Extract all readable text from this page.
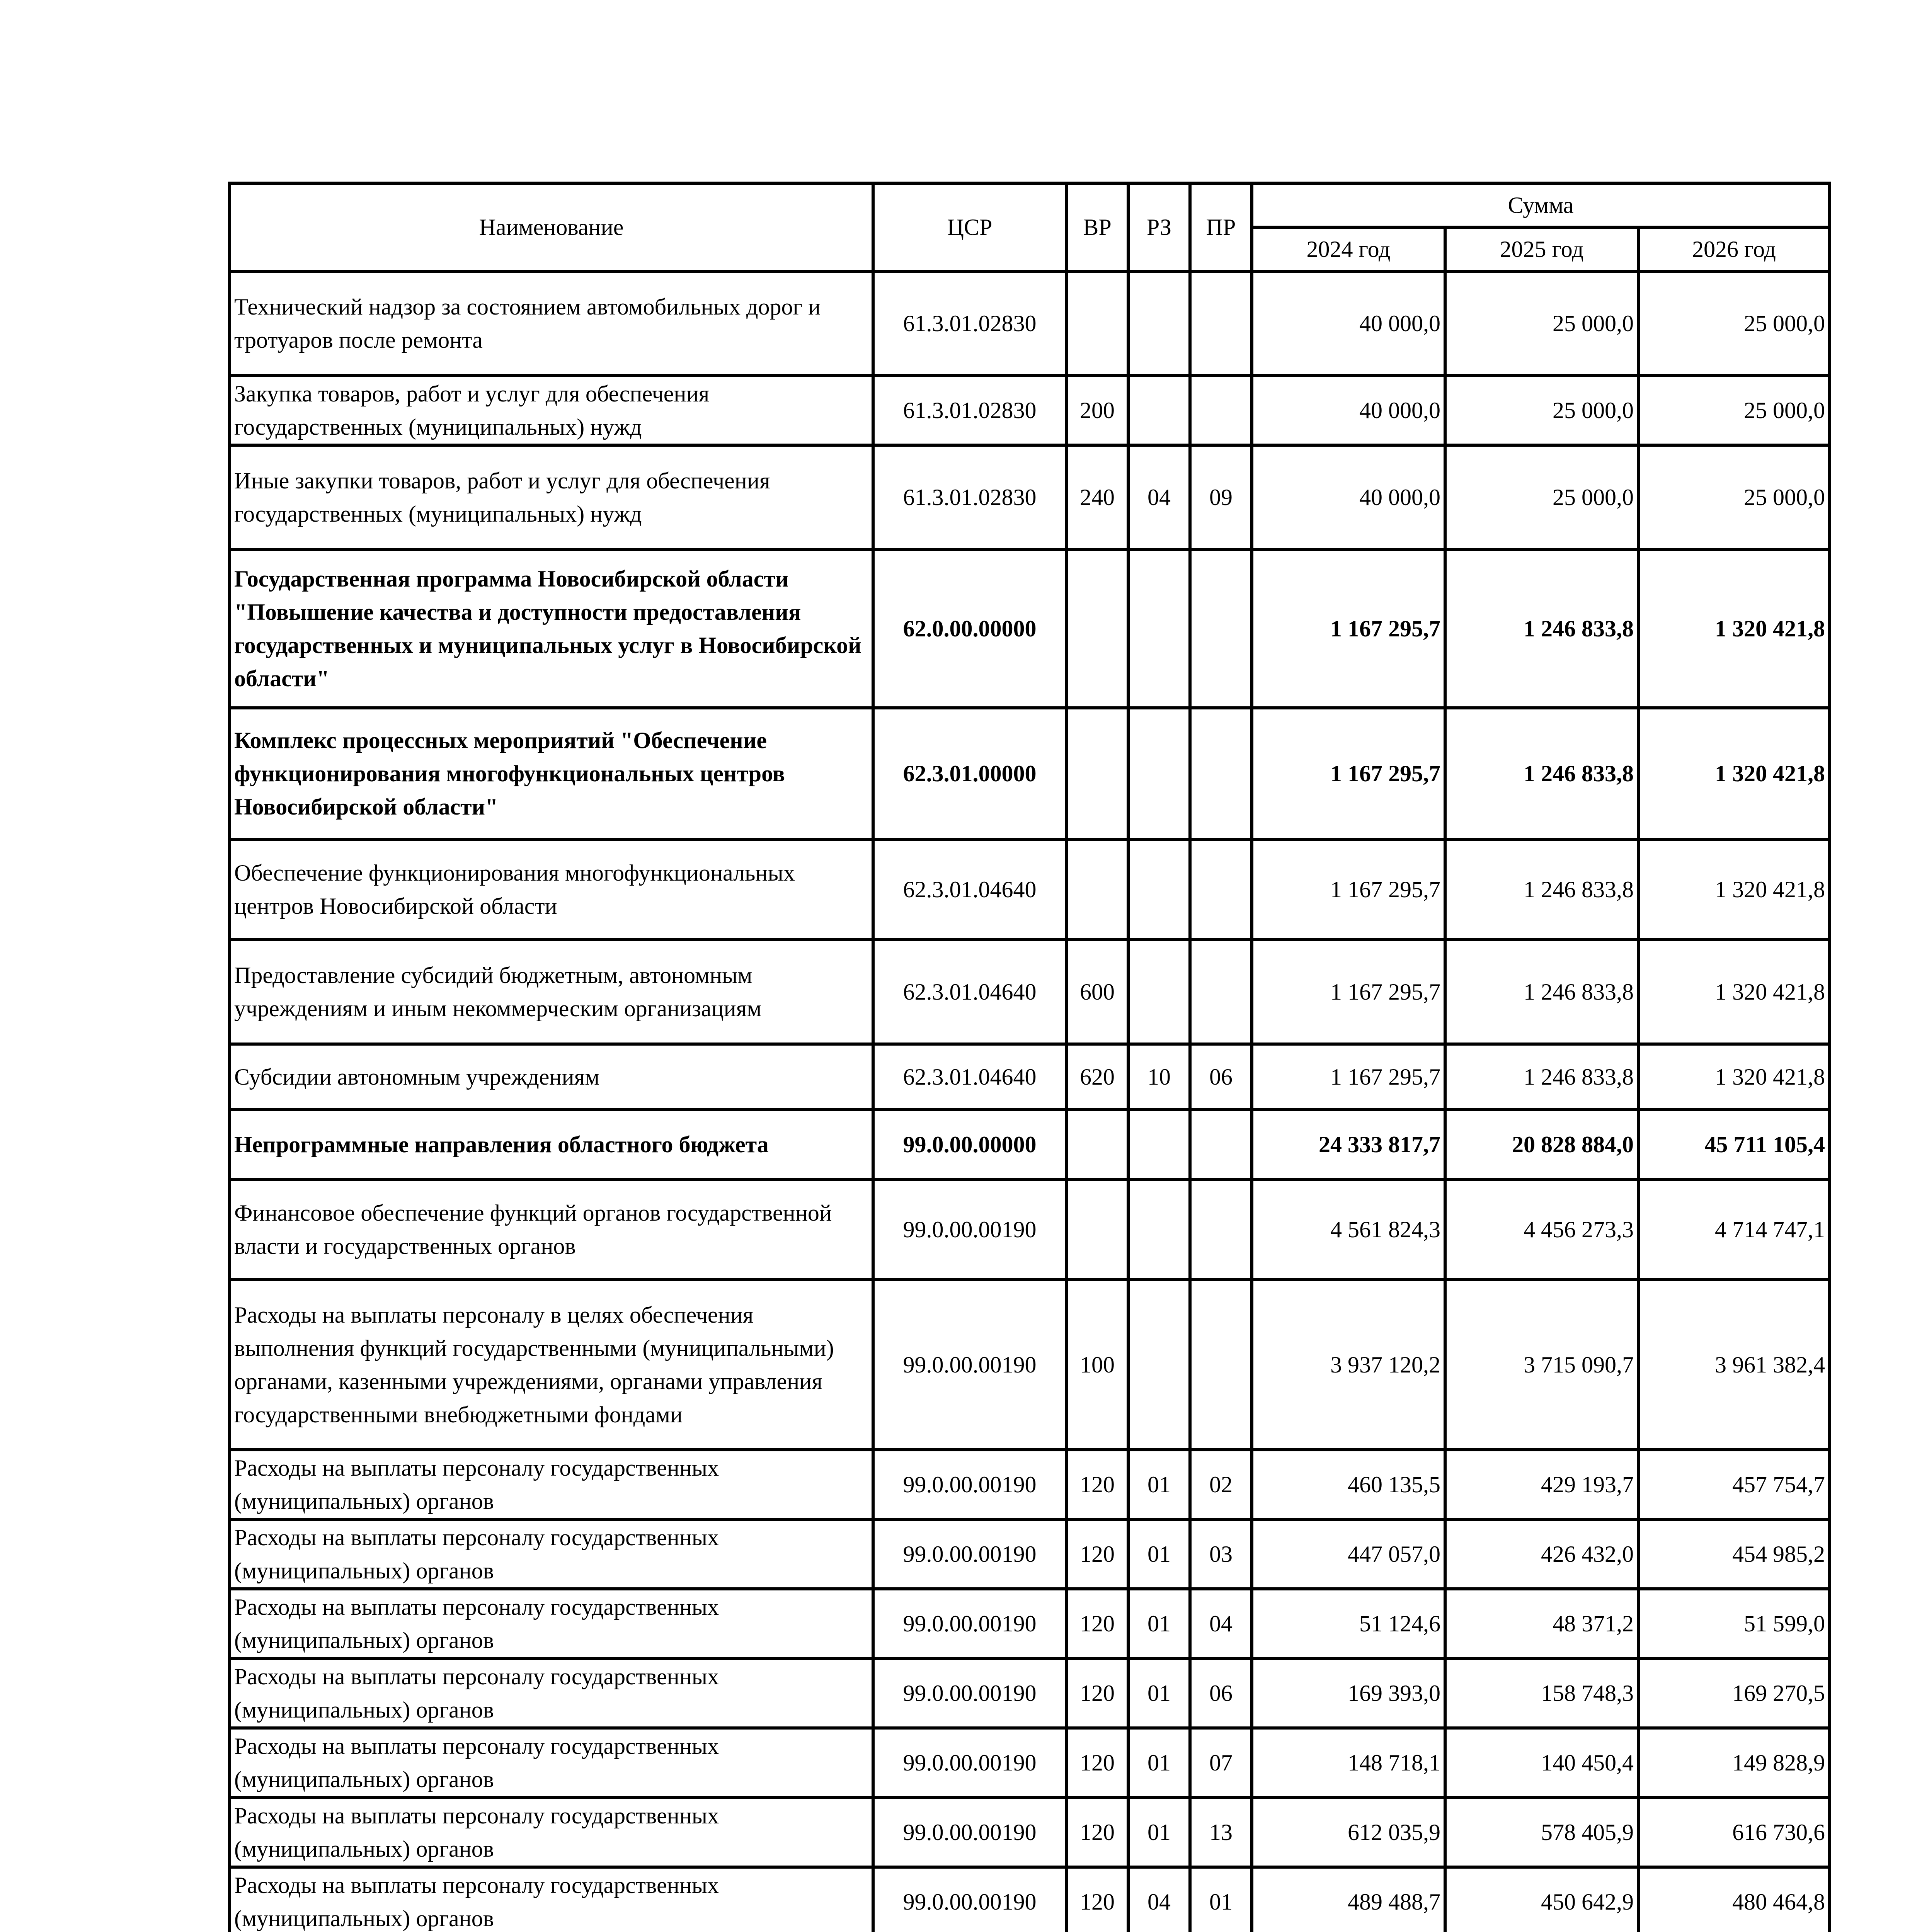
Наименование	ЦСР	ВР	РЗ	ПР	Сумма		
					2024 год	2025 год	2026 год
Технический надзор за состоянием автомобильных дорог и тротуаров после ремонта	61.3.01.02830				40 000,0	25 000,0	25 000,0
Закупка товаров, работ и услуг для обеспечения государственных (муниципальных) нужд	61.3.01.02830	200			40 000,0	25 000,0	25 000,0
Иные закупки товаров, работ и услуг для обеспечения государственных (муниципальных) нужд	61.3.01.02830	240	04	09	40 000,0	25 000,0	25 000,0
Государственная программа Новосибирской области "Повышение качества и доступности предоставления государственных и муниципальных услуг в Новосибирской области"	62.0.00.00000				1 167 295,7	1 246 833,8	1 320 421,8
Комплекс процессных мероприятий "Обеспечение функционирования многофункциональных центров Новосибирской области"	62.3.01.00000				1 167 295,7	1 246 833,8	1 320 421,8
Обеспечение функционирования многофункциональных центров Новосибирской области	62.3.01.04640				1 167 295,7	1 246 833,8	1 320 421,8
Предоставление субсидий бюджетным, автономным учреждениям и иным некоммерческим организациям	62.3.01.04640	600			1 167 295,7	1 246 833,8	1 320 421,8
Субсидии автономным учреждениям	62.3.01.04640	620	10	06	1 167 295,7	1 246 833,8	1 320 421,8
Непрограммные направления областного бюджета	99.0.00.00000				24 333 817,7	20 828 884,0	45 711 105,4
Финансовое обеспечение функций органов государственной власти и государственных органов	99.0.00.00190				4 561 824,3	4 456 273,3	4 714 747,1
Расходы на выплаты персоналу в целях обеспечения выполнения функций государственными (муниципальными) органами, казенными учреждениями, органами управления государственными внебюджетными фондами	99.0.00.00190	100			3 937 120,2	3 715 090,7	3 961 382,4
Расходы на выплаты персоналу государственных (муниципальных) органов	99.0.00.00190	120	01	02	460 135,5	429 193,7	457 754,7
Расходы на выплаты персоналу государственных (муниципальных) органов	99.0.00.00190	120	01	03	447 057,0	426 432,0	454 985,2
Расходы на выплаты персоналу государственных (муниципальных) органов	99.0.00.00190	120	01	04	51 124,6	48 371,2	51 599,0
Расходы на выплаты персоналу государственных (муниципальных) органов	99.0.00.00190	120	01	06	169 393,0	158 748,3	169 270,5
Расходы на выплаты персоналу государственных (муниципальных) органов	99.0.00.00190	120	01	07	148 718,1	140 450,4	149 828,9
Расходы на выплаты персоналу государственных (муниципальных) органов	99.0.00.00190	120	01	13	612 035,9	578 405,9	616 730,6
Расходы на выплаты персоналу государственных (муниципальных) органов	99.0.00.00190	120	04	01	489 488,7	450 642,9	480 464,8
